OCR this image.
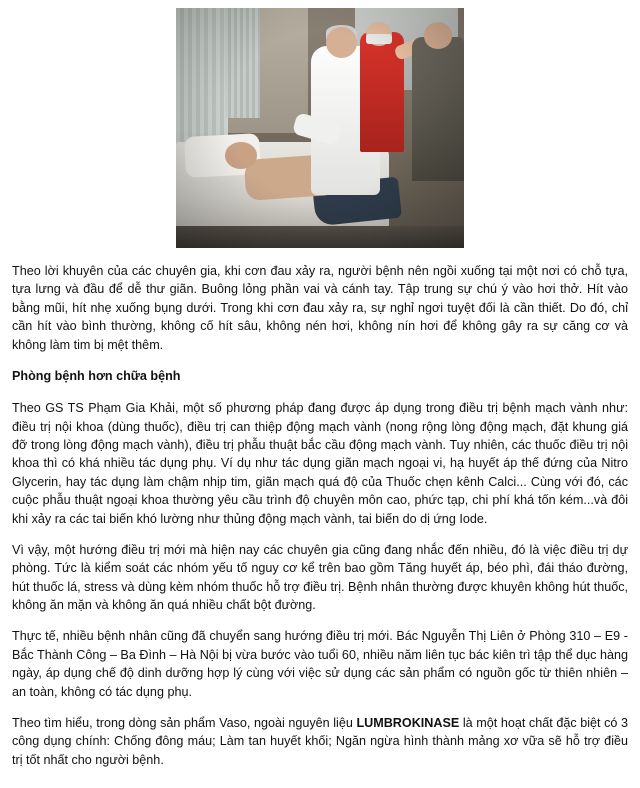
Theo lời khuyên của các chuyên gia, khi cơn đau xảy ra, người bệnh nên ngồi xuống tại một nơi có chỗ tựa, tựa lưng và đầu để dễ thư giãn. Buông lỏng phần vai và cánh tay. Tập trung sự chú ý vào hơi thở. Hít vào bằng mũi, hít nhẹ xuống bụng dưới. Trong khi cơn đau xảy ra, sự nghỉ ngơi tuyệt đối là cần thiết. Do đó, chỉ cần hít vào bình thường, không cố hít sâu, không nén hơi, không nín hơi để không gây ra sự căng cơ và không làm tim bị mệt thêm.

Phòng bệnh hơn chữa bệnh

Theo GS TS Phạm Gia Khải, một số phương pháp đang được áp dụng trong điều trị bệnh mạch vành như: điều trị nội khoa (dùng thuốc), điều trị can thiệp động mạch vành (nong rộng lòng động mạch, đặt khung giá đỡ trong lòng động mạch vành), điều trị phẫu thuật bắc cầu động mạch vành. Tuy nhiên, các thuốc điều trị nội khoa thì có khá nhiều tác dụng phụ. Ví dụ như tác dụng giãn mạch ngoại vi, hạ huyết áp thế đứng của Nitro Glycerin, hay tác dụng làm chậm nhịp tim, giãn mạch quá độ của Thuốc chẹn kênh Calci... Cùng với đó, các cuộc phẫu thuật ngoại khoa thường yêu cầu trình độ chuyên môn cao, phức tạp, chi phí khá tốn kém...và đôi khi xảy ra các tai biến khó lường như thủng động mạch vành, tai biến do dị ứng Iode.

Vì vậy, một hướng điều trị mới mà hiện nay các chuyên gia cũng đang nhắc đến nhiều, đó là việc điều trị dự phòng. Tức là kiểm soát các nhóm yếu tố nguy cơ kể trên bao gồm Tăng huyết áp, béo phì, đái tháo đường, hút thuốc lá, stress và dùng kèm nhóm thuốc hỗ trợ điều trị. Bệnh nhân thường được khuyên không hút thuốc, không ăn mặn và không ăn quá nhiều chất bột đường.

Thực tế, nhiều bệnh nhân cũng đã chuyển sang hướng điều trị mới. Bác Nguyễn Thị Liên ở Phòng 310 – E9 - Bắc Thành Công – Ba Đình – Hà Nội bị vừa bước vào tuổi 60, nhiều năm liên tục bác kiên trì tập thể dục hàng ngày, áp dụng chế độ dinh dưỡng hợp lý cùng với việc sử dụng các sản phẩm có nguồn gốc từ thiên nhiên – an toàn, không có tác dụng phụ.

Theo tìm hiểu, trong dòng sản phẩm Vaso, ngoài nguyên liệu LUMBROKINASE là một hoạt chất đặc biệt có 3 công dụng chính: Chống đông máu; Làm tan huyết khối; Ngăn ngừa hình thành mảng xơ vữa sẽ hỗ trợ điều trị tốt nhất cho người bệnh.
